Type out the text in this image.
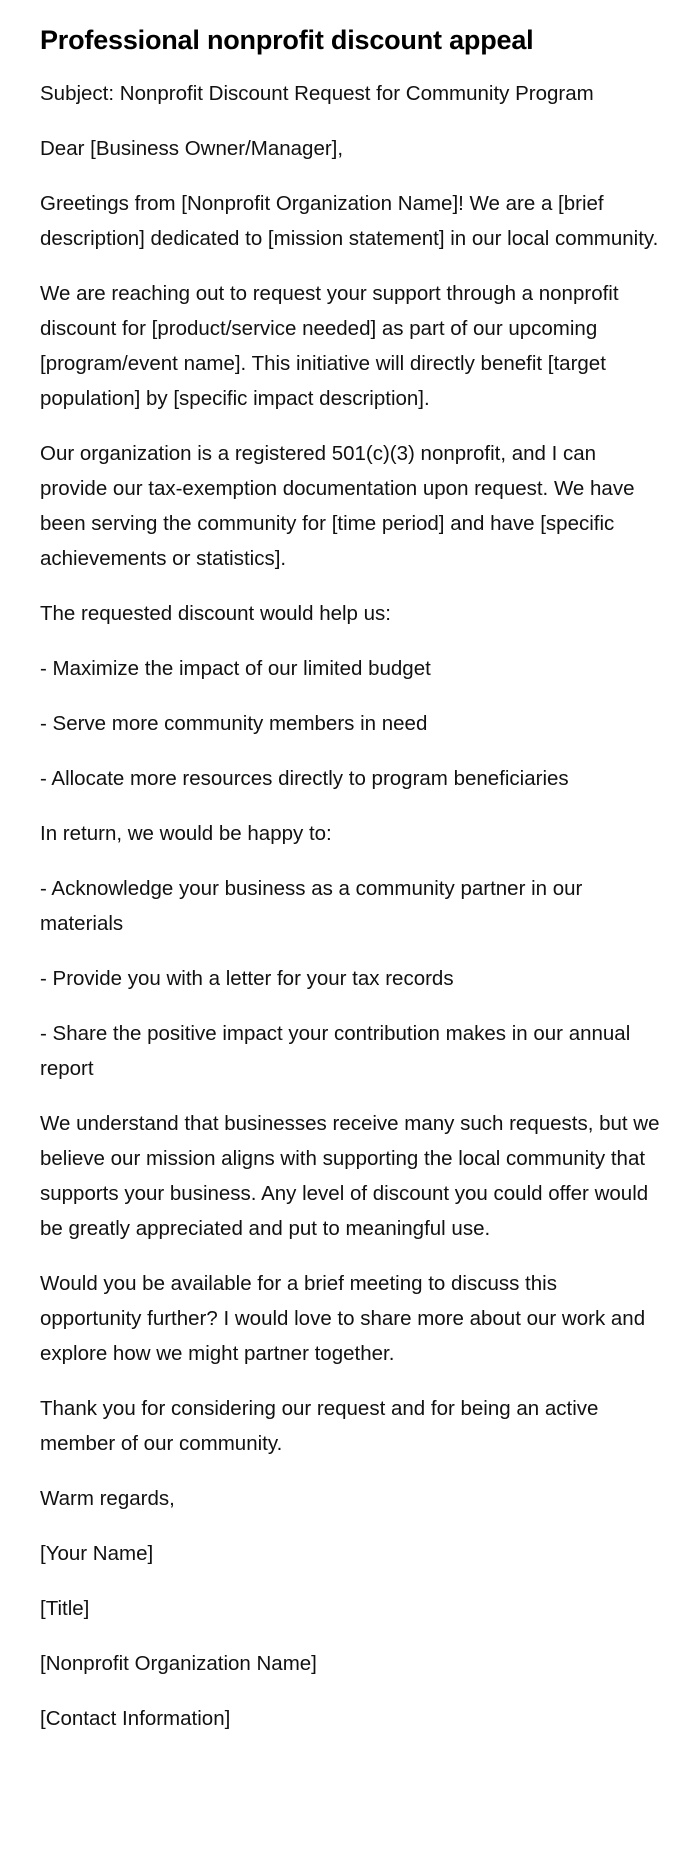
Professional nonprofit discount appeal

Subject: Nonprofit Discount Request for Community Program

Dear [Business Owner/Manager],

Greetings from [Nonprofit Organization Name]! We are a [brief description] dedicated to [mission statement] in our local community.

We are reaching out to request your support through a nonprofit discount for [product/service needed] as part of our upcoming [program/event name]. This initiative will directly benefit [target population] by [specific impact description].

Our organization is a registered 501(c)(3) nonprofit, and I can provide our tax-exemption documentation upon request. We have been serving the community for [time period] and have [specific achievements or statistics].

The requested discount would help us:

- Maximize the impact of our limited budget

- Serve more community members in need

- Allocate more resources directly to program beneficiaries

In return, we would be happy to:

- Acknowledge your business as a community partner in our materials

- Provide you with a letter for your tax records

- Share the positive impact your contribution makes in our annual report

We understand that businesses receive many such requests, but we believe our mission aligns with supporting the local community that supports your business. Any level of discount you could offer would be greatly appreciated and put to meaningful use.

Would you be available for a brief meeting to discuss this opportunity further? I would love to share more about our work and explore how we might partner together.

Thank you for considering our request and for being an active member of our community.

Warm regards,

[Your Name]

[Title]

[Nonprofit Organization Name]

[Contact Information]
